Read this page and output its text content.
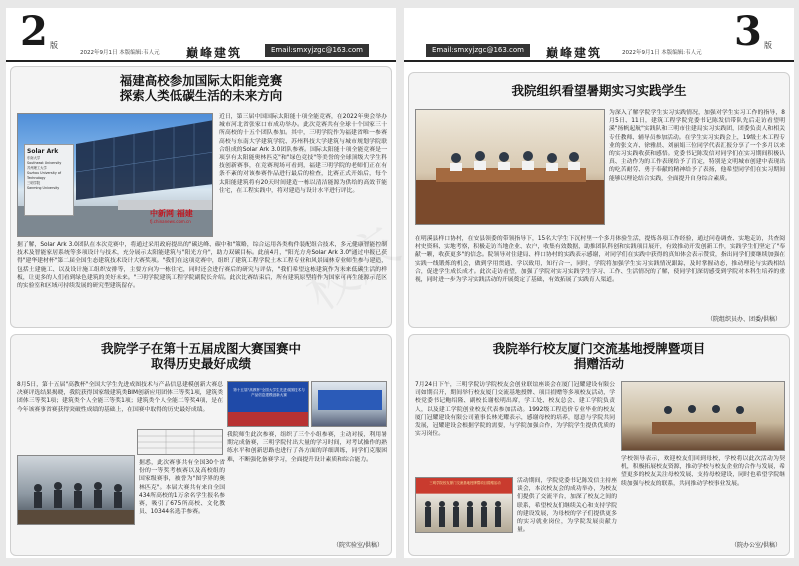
2 版
2022年9月1日 本版编辑:韦人元 巅峰建筑	Email:smxyjzgc@163.com
福建高校参加国际太阳能竞赛
探索人类低碳生活的未来方向
Solar Ark
东南大学
Southeast University
苏州理工大学
Suzhou University of Technology
三明学院
Sanming University
中新网 福建
fj.chinanews.com.cn
近日，第三届中国国际太阳能十项全能竞赛，在2022年奥会举办城市河北省张家口市成功举办。此次竞赛共有全球十个国家三十所高校的十五个团队参加。其中，三明学院作为福建省唯一参赛高校与东南大学建筑学院、苏州科技大学建筑与城市规划学院联合组成的Solar Ark 3.0团队参赛。国际太阳能十项全能竞赛是一项享有太阳能奥林匹克"和"绿色竞技"等美誉的全球顶级大学生科技创新赛事，在竞赛现场可看到，福建三明学院的老师们正在有条不紊的对该参赛作品进行最后的检查，比赛正式开始后，每个太阳能建筑将有20天时间建造一栋以清洁能源为供给的高效节能住宅，在工程实践中，将对建造与设计水平进行评比。
据了解，Solar Ark 3.0团队在本次竞赛中，将通过采用政府提出的"碳达峰、碳中和"策略，综合运用各类构件装配组合技术，多元健康智能控制技术及智能家居系统等多项设计与技术，充分展示太阳能建筑与"阳光方舟"，助力双碳目标。此前4月，"阳光方舟Solar Ark 3.0"通过申报已获得"建华建材杯"第二届全国生态建筑技术设计大赛奖项。"我们在这项竞赛中，组织了建筑工程学院土木工程专业和风景园林专业师生参与建造，包括土建施工、以及设计施工组织安排等，主要方向为一栋住宅，同时还会进行赛后的研究与评估，"我们希望这栋建筑作为未来低碳生活的样板，让更多的人们看到绿色建筑的美好未来。"三明学院建筑工程学院副院长介绍。此次比赛结束后，所有建筑原型将作为国家可再生能源示范区的实验室和区域可持续发展的研究型建筑留存。
我院学子在第十五届成图大赛国赛中
取得历史最好成绩
8月5日，第十五届"高教杯"全国大学生先进成图技术与产品信息建模创新大赛总决赛评选结果揭晓，我院获得国家级建筑类BIM创新应用团体三等奖1项，建筑类团体三等奖1项；建筑类个人全能三等奖1项；建筑类个人全能二等奖4项，是在今年该赛事省赛获得突破性成绩的基础上，在国赛中取得的历史最好成绩。
第十五届"高教杯"全国大学生先进成图技术与产品信息建模创新大赛
我院师生此次参赛，组织了三个小组参赛，主动对接，利用暑期完成备赛，三明学院付出大量的学习时间，对考试操作的熟练水平和创新思路也进行了各方面的详细训练，同学们克服困难，不断强化备赛学习，全面提升设计素质和综合能力。
据悉，此次赛事共有全国30个省份的一等奖考核赛以及高校组的国家级赛事，被誉为"图学界的奥林匹克"。本届大赛共有来自全国434所高校的1万余名学生报名参赛，吸引了675所高校、文化教员、10344名选手参赛。
（院实验室/供稿）
Email:smxyjzgc@163.com	巅峰建筑	2022年9月1日 本版编辑:韦人元 3 版
我院组织看望暑期实习实践学生
为深入了解学院学生实习实践情况，加强对学生实习工作的指导，8月5日、11日，建筑工程学院党委书记陈发信带队先后走访看望明溪"扬帆起航"实践队和三明市住建局实习实践团，团委负责人和相关专任教师、辅导员参加活动。在学生实习实践会上，19级土木工程专业的张文卉、徐雅晨、刘丽娟三位同学代表汇报分享了一个多月以来的实习实践收获和感悟。党委书记陈发信对同学们在实习期间积极认真、主动作为的工作表现给予了肯定，特别是文明城市创建中表现出的吃苦耐劳、勇于奉献的精神给予了表扬，他希望同学们在实习期间能够以理论结合实践，全面提升自身综合素质。
在明溪县样口协村，在安县领委的带领指导下，15名大学生下沉村里一个多月体验生活，提炼各项工作经验，通过问卷调查、实地走访，共查阅村史资料、实地考察，积极走访当地企业、农户，收集有效数据，助推团队科创和实践项目展开，有效推动开发创新工作，实践学生们坚定了"奉献一颗，收获更多"的信念。院领导对住建局、样口协村的实践表示感谢，对同学们在实践中获得的真知体会表示赞赏，指出同学们要继续加强在实践一线锻炼的机会，做到学用贯通、学以致用，知行合一，同时，学院将加强学生实习实践情况跟踪，及时掌握动态，推动理论与实践相结合，促进学生成长成才。此次走访看望，加强了学院对实习实践学生学习、工作、生活情况的了解，使同学们深切感受到学院对本科生培养的重视，同时进一步为学习实践活动的开展奠定了基础，有效拓展了实践育人渠道。
（院组织员办、团委/供稿）
我院举行校友厦门交流基地授牌暨项目
捐赠活动
7月24日下午，三明学院访学院校友会创业联谊座谈会在厦门冠耀建设有限公司如期召开，期间举行校友厦门交流基地授牌、项目捐赠等多项校友活动，学校党委书记鲍绍隆、副校长谢松明出席，学工处、校友总会、建工学院负责人，以及建工学院创业校友代表参加活动。1992级工程造价专业毕业的校友厦门冠耀建设有限公司董事长林光耀表示，感谢母校的培养，愿意与学院共同发展，冠耀建设会根据学院的需要，与学院加强合作，为学院学生提供优质的实习岗位。
学校领导表示，欢迎校友们回到母校，学校将以此次活动为契机，积极拓展校友资源，推动学校与校友企业的合作与发展，希望更多的校友关注母校发展、支持母校建设，同时也希望学院继续加强与校友的联系，共同推动学校事业发展。
三明学院校友厦门交流基地授牌暨项目捐赠活动	活动期间，学院党委书记陈发信主持座谈会，本次校友会的成功举办，为校友们提供了交流平台，加深了校友之间的联系，希望校友们继续关心和支持学院的建设发展，为母校的学子们提供更多的实习就业岗位，为学院发展贡献力量。
（院办公室/供稿）
